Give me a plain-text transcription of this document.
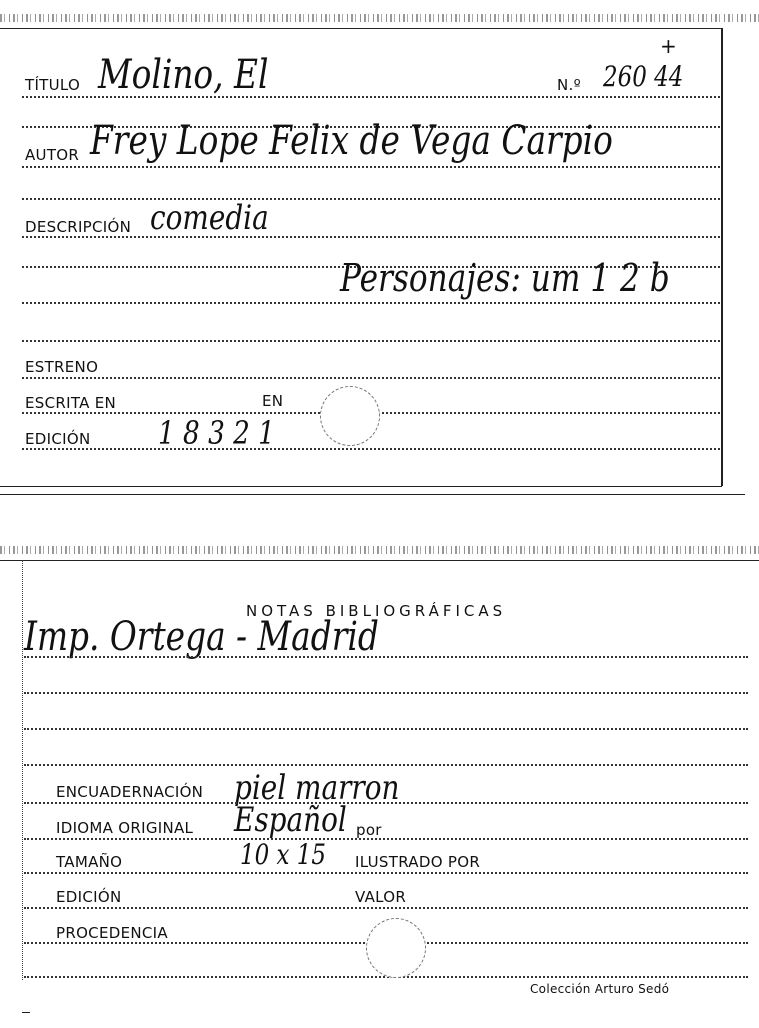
TÍTULO Molino, El	N.º 260 44
+
AUTOR Frey Lope Felix de Vega Carpio
DESCRIPCIÓN comedia
Personajes: um 1 2 b
ESTRENO
ESCRITA EN	EN
EDICIÓN 1 8 3 2 1
NOTAS BIBLIOGRÁFICAS
Imp. Ortega - Madrid
ENCUADERNACIÓN piel marron
IDIOMA ORIGINAL Español por
TAMAÑO	10 x 15 ILUSTRADO POR
EDICIÓN	VALOR
PROCEDENCIA
Colección Arturo Sedó
